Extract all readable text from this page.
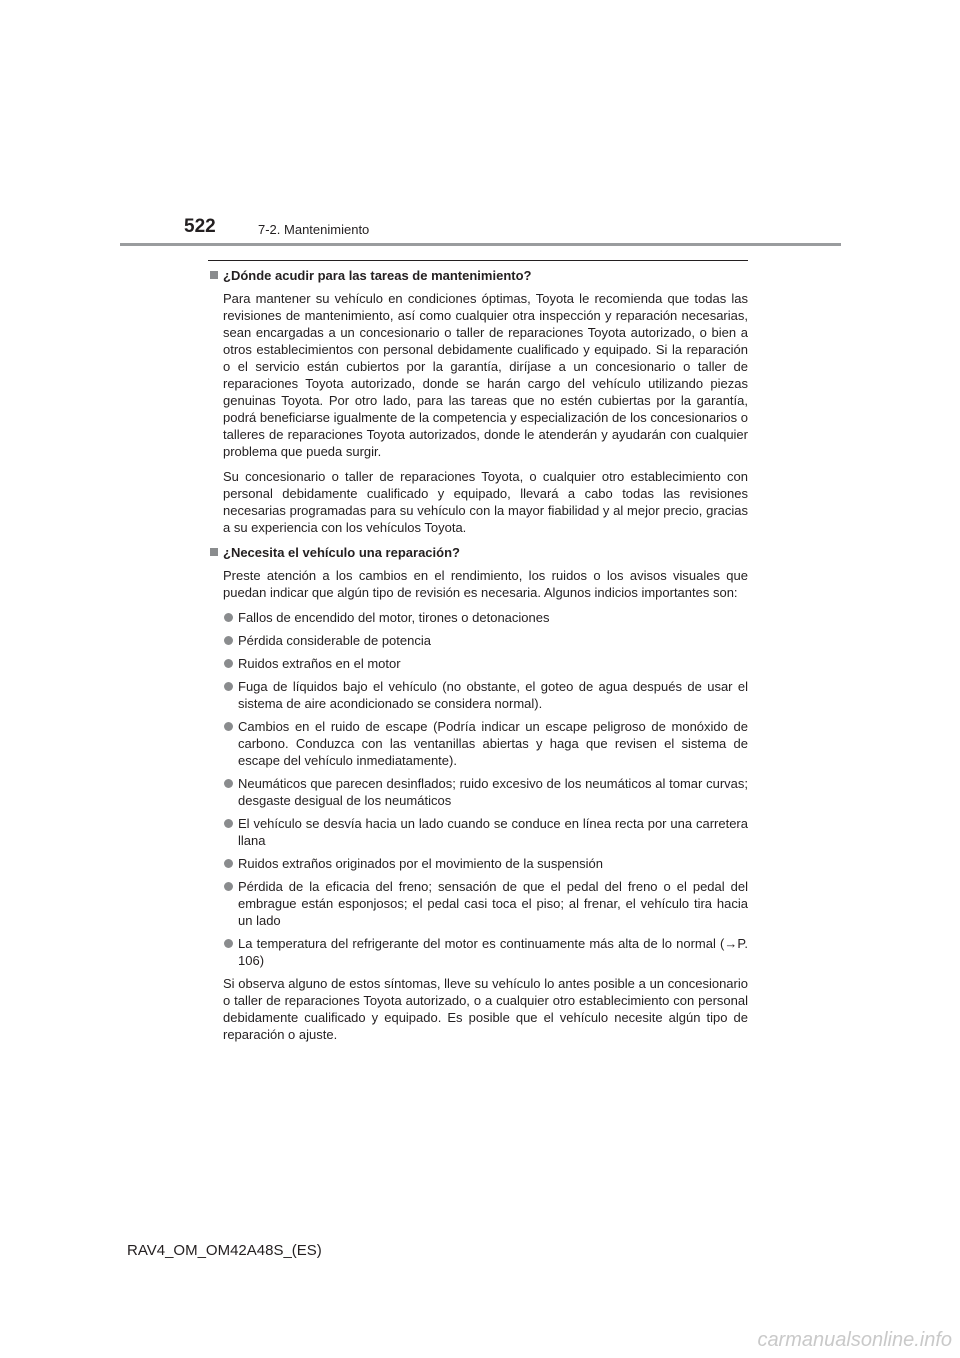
522	7-2. Mantenimiento
¿Dónde acudir para las tareas de mantenimiento?

Para mantener su vehículo en condiciones óptimas, Toyota le recomienda que todas las revisiones de mantenimiento, así como cualquier otra inspección y reparación necesarias, sean encargadas a un concesionario o taller de reparaciones Toyota autorizado, o bien a otros establecimientos con personal debidamente cualificado y equipado. Si la reparación o el servicio están cubiertos por la garantía, diríjase a un concesionario o taller de reparaciones Toyota autorizado, donde se harán cargo del vehículo utilizando piezas genuinas Toyota. Por otro lado, para las tareas que no estén cubiertas por la garantía, podrá beneficiarse igualmente de la competencia y especialización de los concesionarios o talleres de reparaciones Toyota autorizados, donde le atenderán y ayudarán con cualquier problema que pueda surgir.

Su concesionario o taller de reparaciones Toyota, o cualquier otro establecimiento con personal debidamente cualificado y equipado, llevará a cabo todas las revisiones necesarias programadas para su vehículo con la mayor fiabilidad y al mejor precio, gracias a su experiencia con los vehículos Toyota.

¿Necesita el vehículo una reparación?

Preste atención a los cambios en el rendimiento, los ruidos o los avisos visuales que puedan indicar que algún tipo de revisión es necesaria. Algunos indicios importantes son:

Fallos de encendido del motor, tirones o detonaciones
Pérdida considerable de potencia
Ruidos extraños en el motor
Fuga de líquidos bajo el vehículo (no obstante, el goteo de agua después de usar el sistema de aire acondicionado se considera normal).
Cambios en el ruido de escape (Podría indicar un escape peligroso de monóxido de carbono. Conduzca con las ventanillas abiertas y haga que revisen el sistema de escape del vehículo inmediatamente).
Neumáticos que parecen desinflados; ruido excesivo de los neumáticos al tomar curvas; desgaste desigual de los neumáticos
El vehículo se desvía hacia un lado cuando se conduce en línea recta por una carretera llana
Ruidos extraños originados por el movimiento de la suspensión
Pérdida de la eficacia del freno; sensación de que el pedal del freno o el pedal del embrague están esponjosos; el pedal casi toca el piso; al frenar, el vehículo tira hacia un lado
La temperatura del refrigerante del motor es continuamente más alta de lo normal (→P. 106)

Si observa alguno de estos síntomas, lleve su vehículo lo antes posible a un concesionario o taller de reparaciones Toyota autorizado, o a cualquier otro establecimiento con personal debidamente cualificado y equipado. Es posible que el vehículo necesite algún tipo de reparación o ajuste.

RAV4_OM_OM42A48S_(ES)
carmanualsonline.info
